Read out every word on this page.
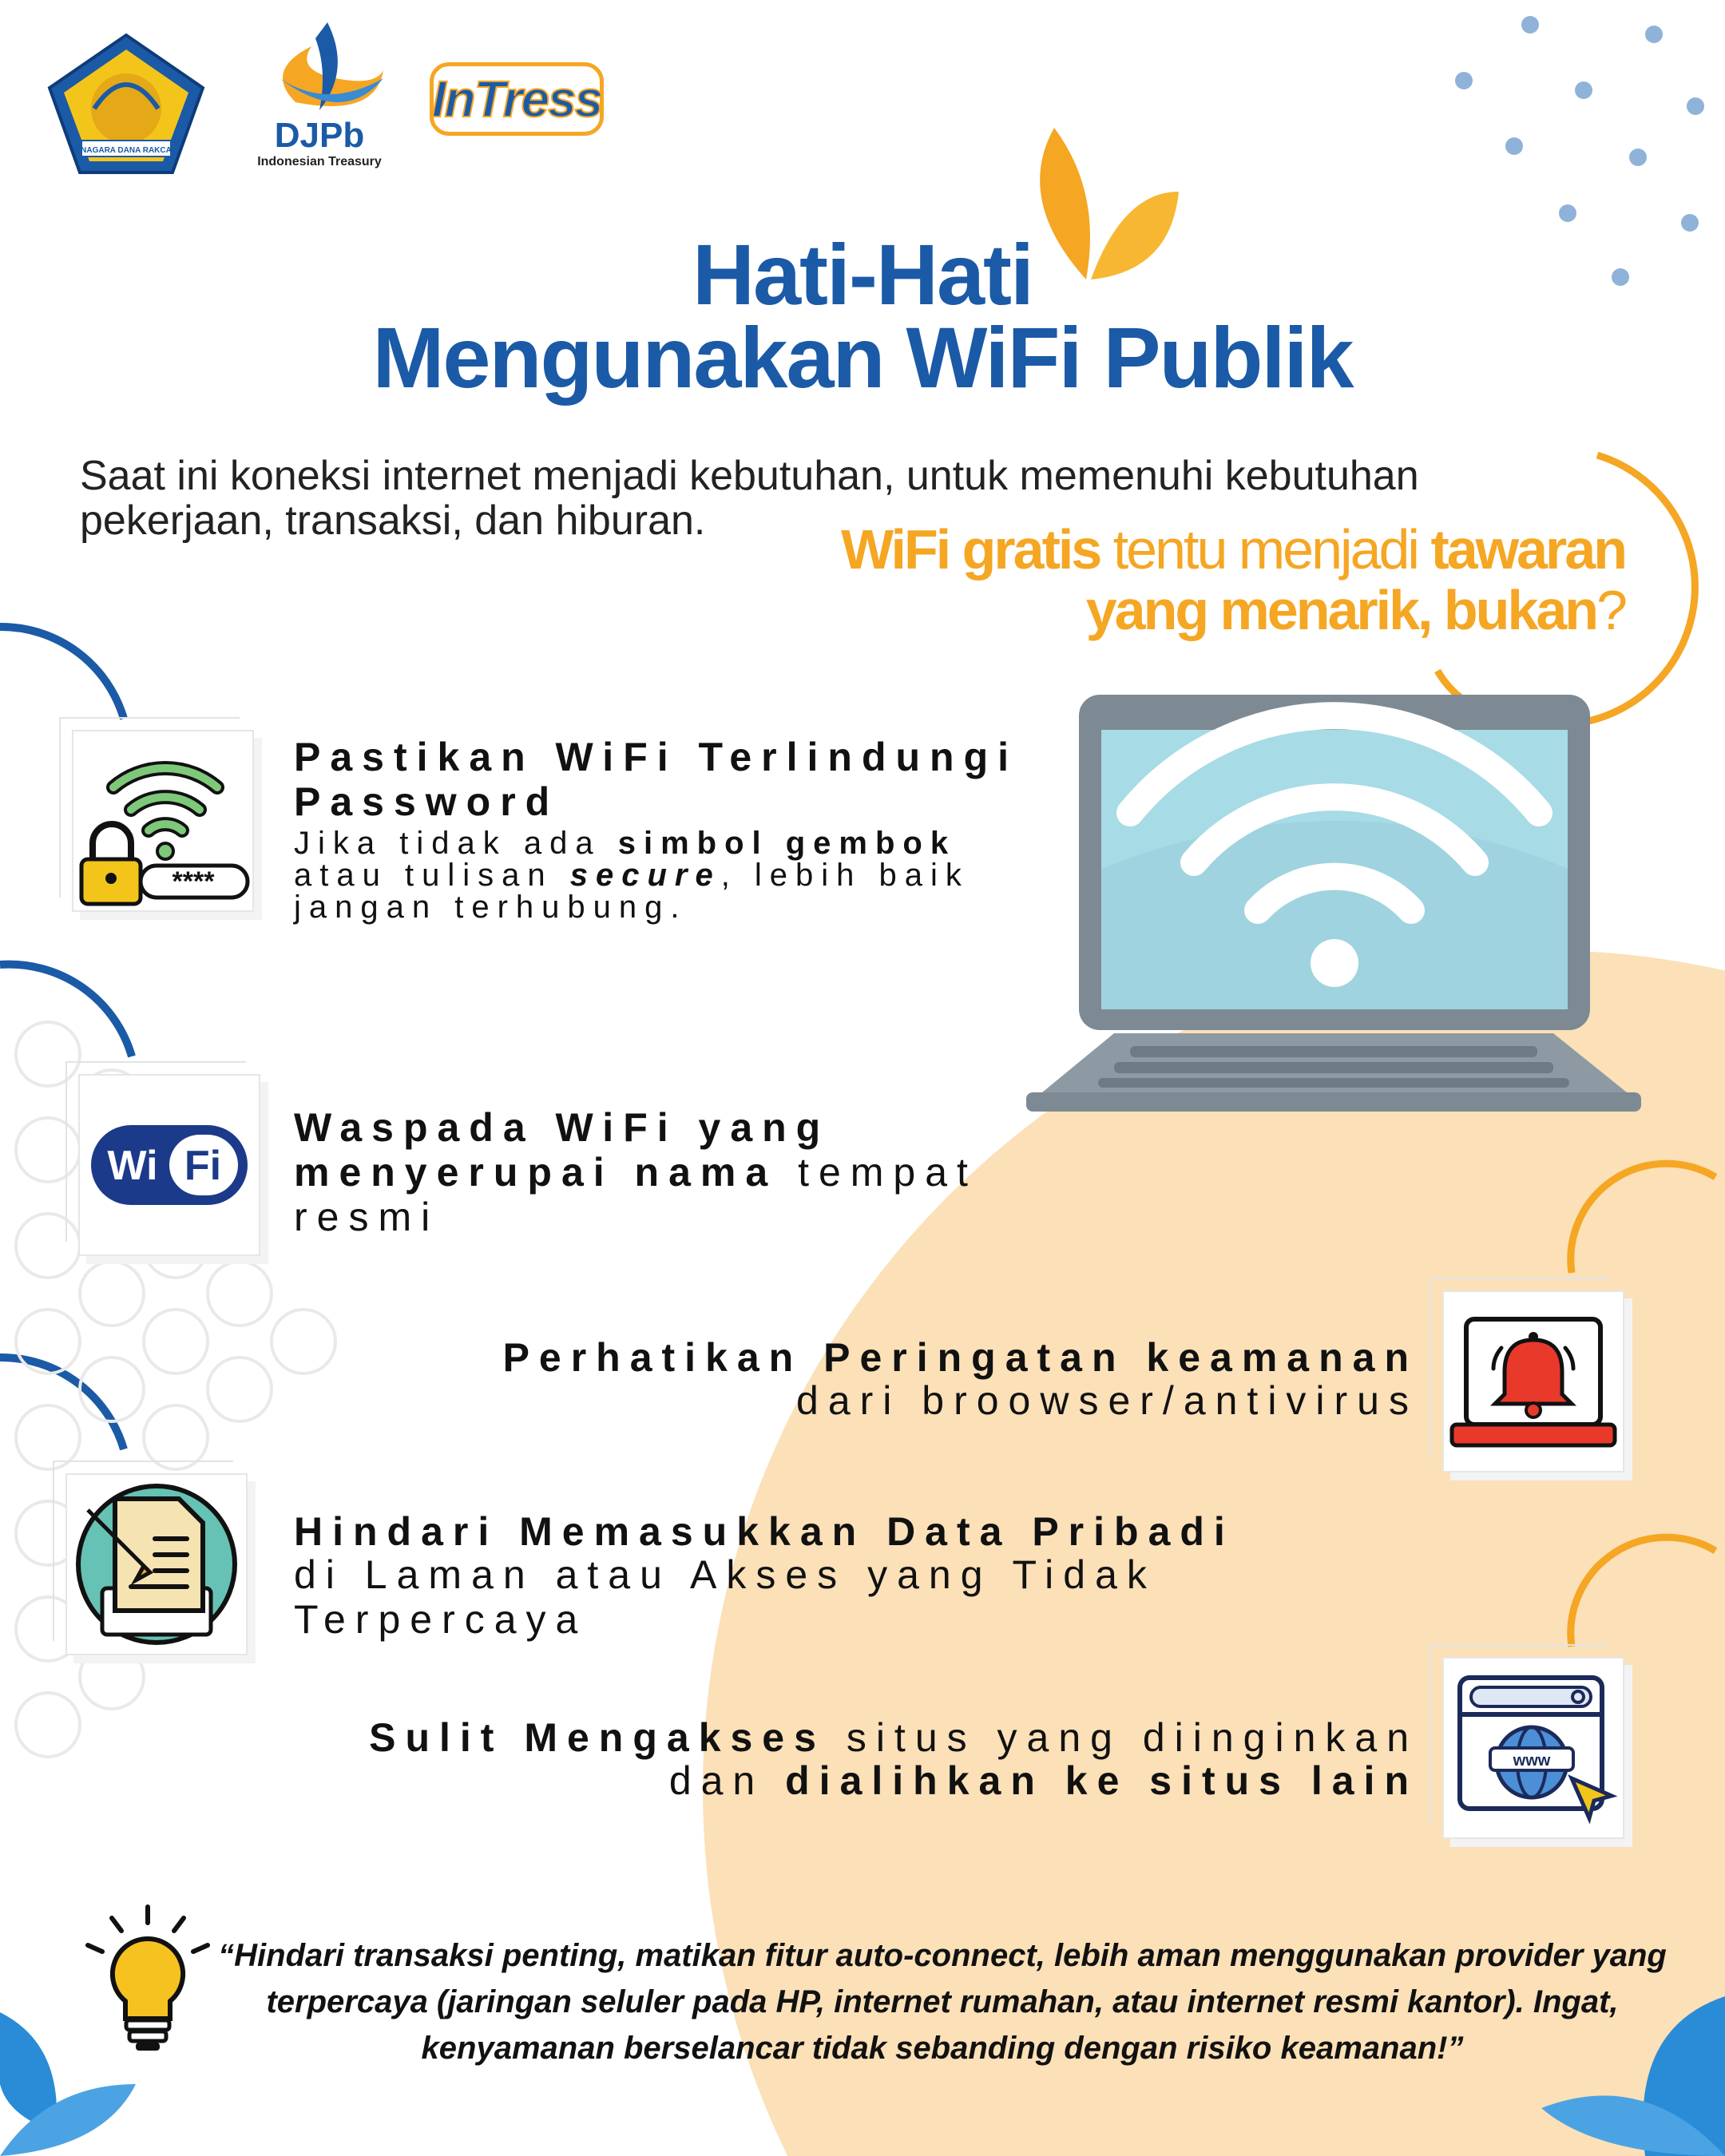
NAGARA DANA RAKCA	DJPb
Indonesian Treasury
InTress
Hati-Hati
Mengunakan WiFi Publik
Saat ini koneksi internet menjadi kebutuhan, untuk memenuhi kebutuhan pekerjaan, transaksi, dan hiburan.	WiFi gratis tentu menjadi tawaran
yang menarik, bukan?
****
Pastikan WiFi Terlindungi Password
Jika tidak ada simbol gembok atau tulisan secure, lebih baik jangan terhubung.
Wi Fi
Waspada WiFi yang menyerupai nama tempat resmi
Perhatikan Peringatan keamanan
dari broowser/antivirus
Hindari Memasukkan Data Pribadi
di Laman atau Akses yang Tidak Terpercaya
www
Sulit Mengakses situs yang diinginkan
dan dialihkan ke situs lain
“Hindari transaksi penting, matikan fitur auto-connect, lebih aman menggunakan provider yang terpercaya (jaringan seluler pada HP, internet rumahan, atau internet resmi kantor). Ingat, kenyamanan berselancar tidak sebanding dengan risiko keamanan!”
